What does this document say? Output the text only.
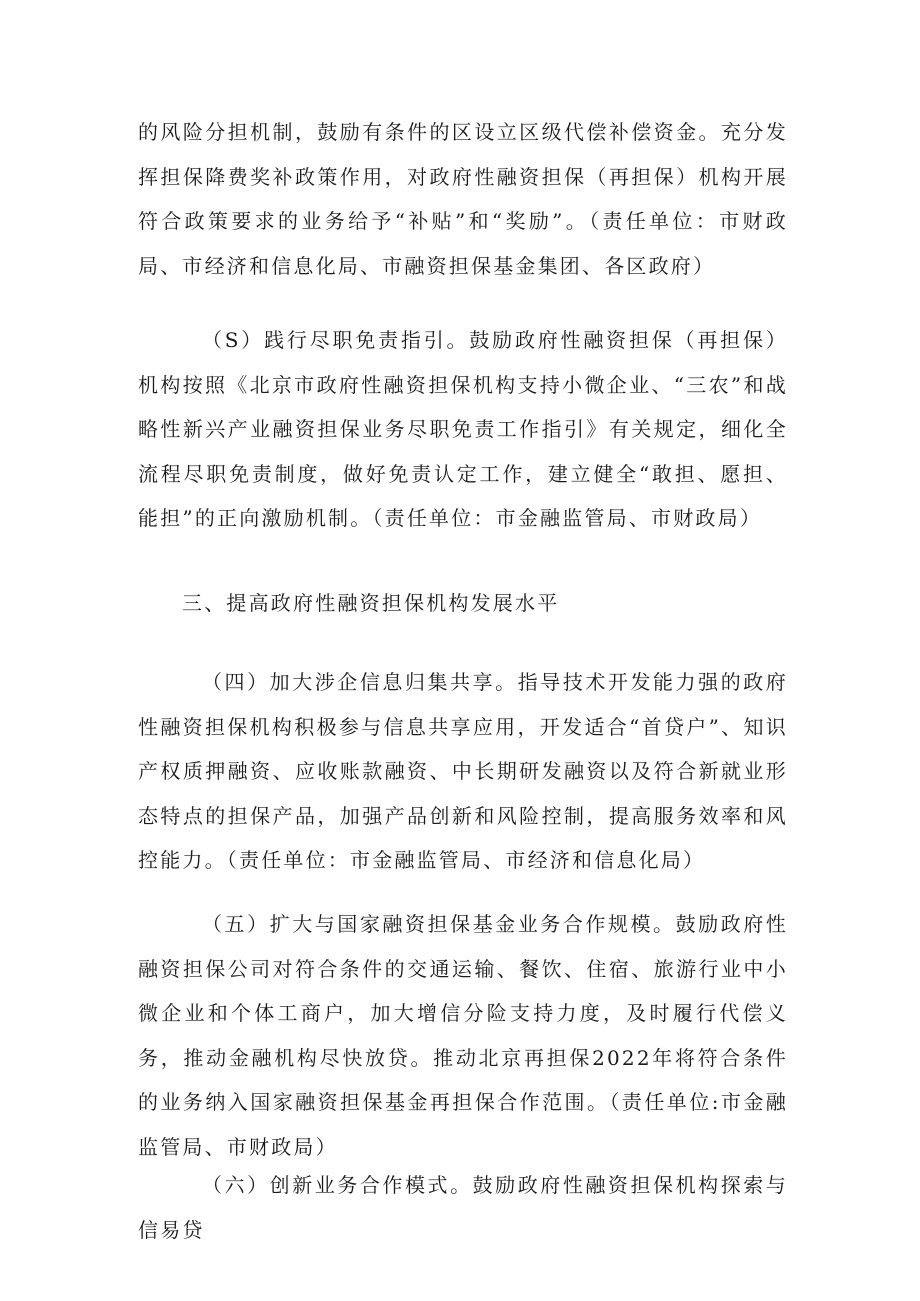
的风险分担机制，鼓励有条件的区设立区级代偿补偿资金。充分发挥担保降费奖补政策作用，对政府性融资担保（再担保）机构开展符合政策要求的业务给予“补贴”和“奖励”。（责任单位：市财政局、市经济和信息化局、市融资担保基金集团、各区政府）

（S）践行尽职免责指引。鼓励政府性融资担保（再担保）机构按照《北京市政府性融资担保机构支持小微企业、“三农”和战略性新兴产业融资担保业务尽职免责工作指引》有关规定，细化全流程尽职免责制度，做好免责认定工作，建立健全“敢担、愿担、能担”的正向激励机制。（责任单位：市金融监管局、市财政局）

三、提高政府性融资担保机构发展水平

（四）加大涉企信息归集共享。指导技术开发能力强的政府性融资担保机构积极参与信息共享应用，开发适合“首贷户”、知识产权质押融资、应收账款融资、中长期研发融资以及符合新就业形态特点的担保产品，加强产品创新和风险控制，提高服务效率和风控能力。（责任单位：市金融监管局、市经济和信息化局）

（五）扩大与国家融资担保基金业务合作规模。鼓励政府性融资担保公司对符合条件的交通运输、餐饮、住宿、旅游行业中小微企业和个体工商户，加大增信分险支持力度，及时履行代偿义务，推动金融机构尽快放贷。推动北京再担保2022年将符合条件的业务纳入国家融资担保基金再担保合作范围。（责任单位:市金融监管局、市财政局）

（六）创新业务合作模式。鼓励政府性融资担保机构探索与信易贷
